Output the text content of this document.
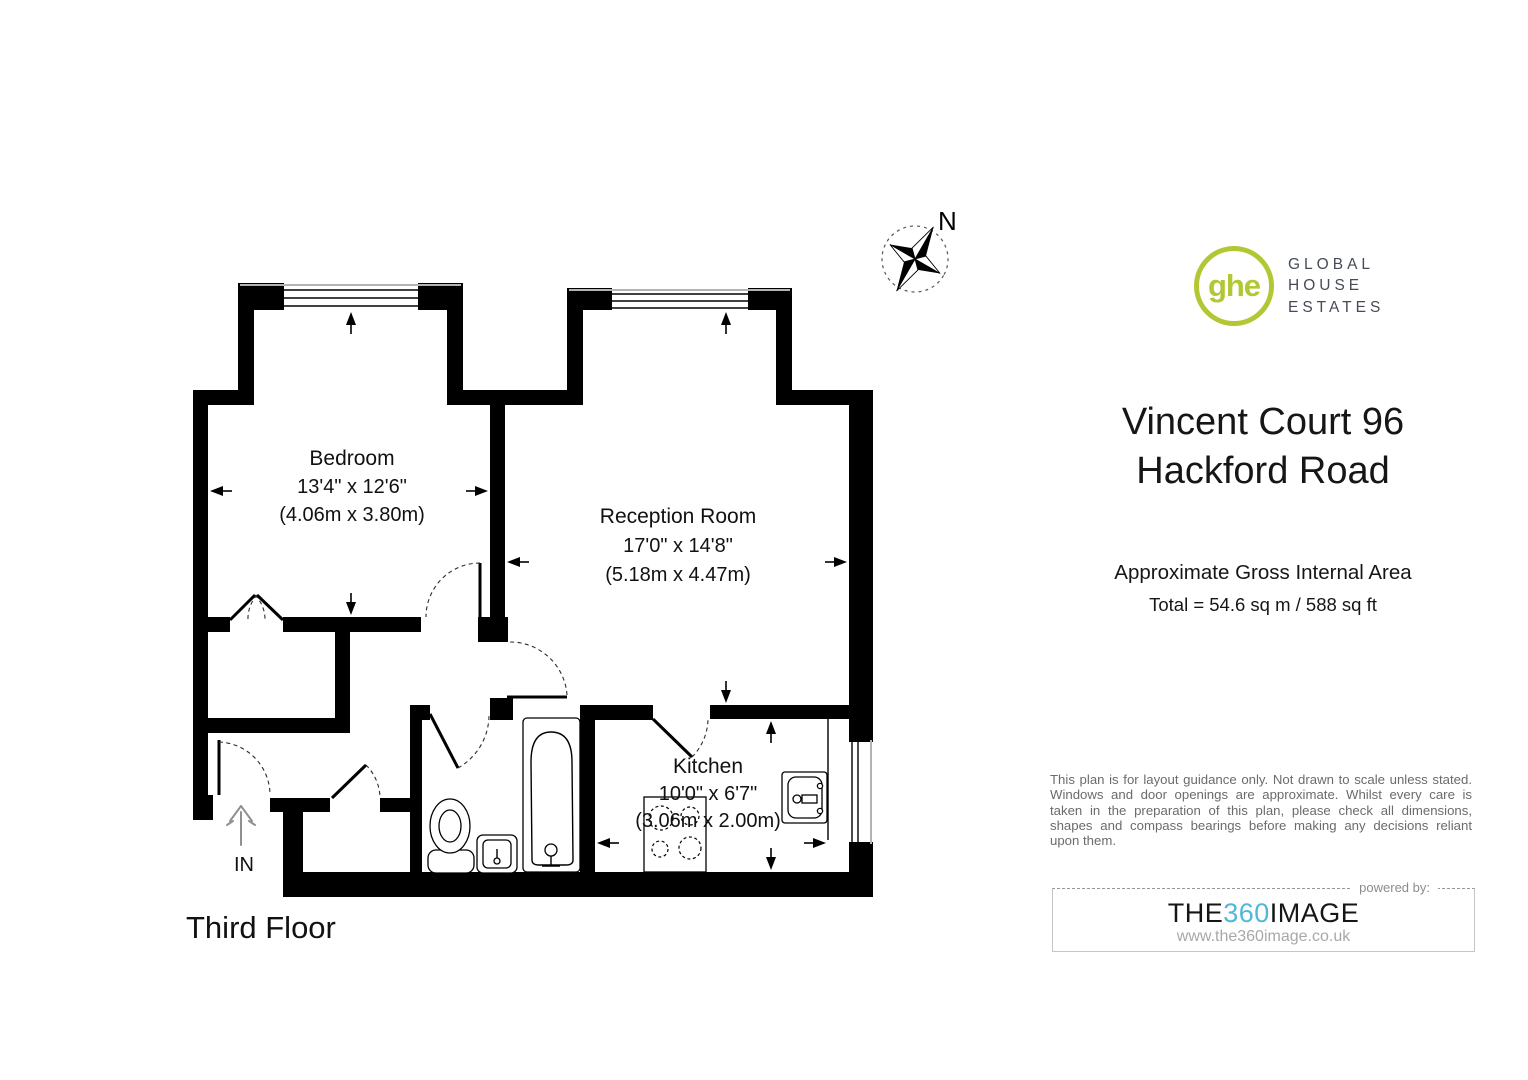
N
Bedroom
13'4" x 12'6"
(4.06m x 3.80m)	Reception Room
17'0" x 14'8"
(5.18m x 4.47m)
Kitchen
10'0" x 6'7"
(3.06m x 2.00m)
IN
Third Floor
ghe
GLOBAL
HOUSE
ESTATES
Vincent Court 96
Hackford Road
Approximate Gross Internal Area
Total = 54.6 sq m / 588 sq ft
This plan is for layout guidance only. Not drawn to scale unless stated. Windows and door openings are approximate. Whilst every care is taken in the preparation of this plan, please check all dimensions, shapes and compass bearings before making any decisions reliant upon them.
powered by:
THE360IMAGE
www.the360image.co.uk
